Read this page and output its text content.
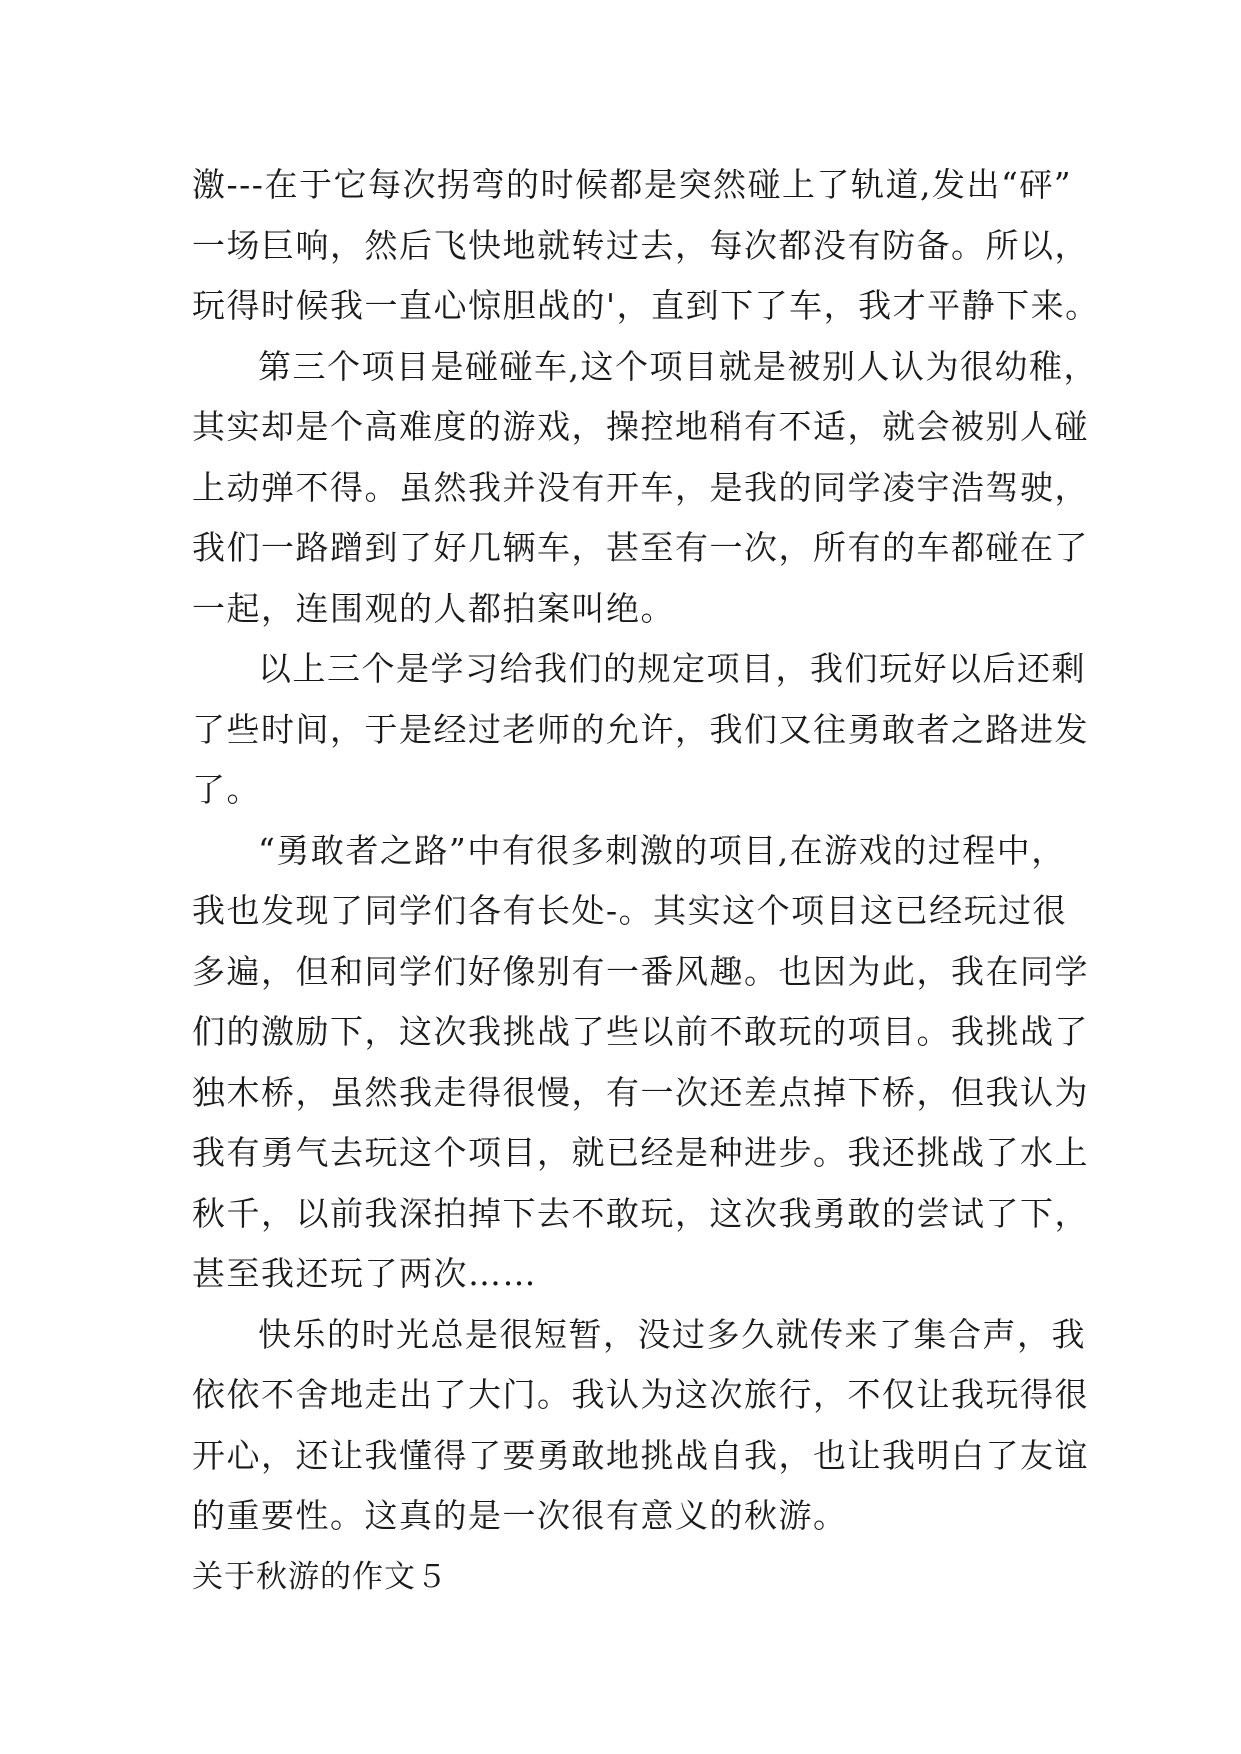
激---在于它每次拐弯的时候都是突然碰上了轨道,发出“砰”
一场巨响，然后飞快地就转过去，每次都没有防备。所以，
玩得时候我一直心惊胆战的'，直到下了车，我才平静下来。
第三个项目是碰碰车,这个项目就是被别人认为很幼稚，
其实却是个高难度的游戏，操控地稍有不适，就会被别人碰
上动弹不得。虽然我并没有开车，是我的同学凌宇浩驾驶，
我们一路蹭到了好几辆车，甚至有一次，所有的车都碰在了
一起，连围观的人都拍案叫绝。
以上三个是学习给我们的规定项目，我们玩好以后还剩
了些时间，于是经过老师的允许，我们又往勇敢者之路进发
了。
“勇敢者之路”中有很多刺激的项目,在游戏的过程中，
我也发现了同学们各有长处-。其实这个项目这已经玩过很
多遍，但和同学们好像别有一番风趣。也因为此，我在同学
们的激励下，这次我挑战了些以前不敢玩的项目。我挑战了
独木桥，虽然我走得很慢，有一次还差点掉下桥，但我认为
我有勇气去玩这个项目，就已经是种进步。我还挑战了水上
秋千，以前我深拍掉下去不敢玩，这次我勇敢的尝试了下，
甚至我还玩了两次……
快乐的时光总是很短暂，没过多久就传来了集合声，我
依依不舍地走出了大门。我认为这次旅行，不仅让我玩得很
开心，还让我懂得了要勇敢地挑战自我，也让我明白了友谊
的重要性。这真的是一次很有意义的秋游。
关于秋游的作文５
